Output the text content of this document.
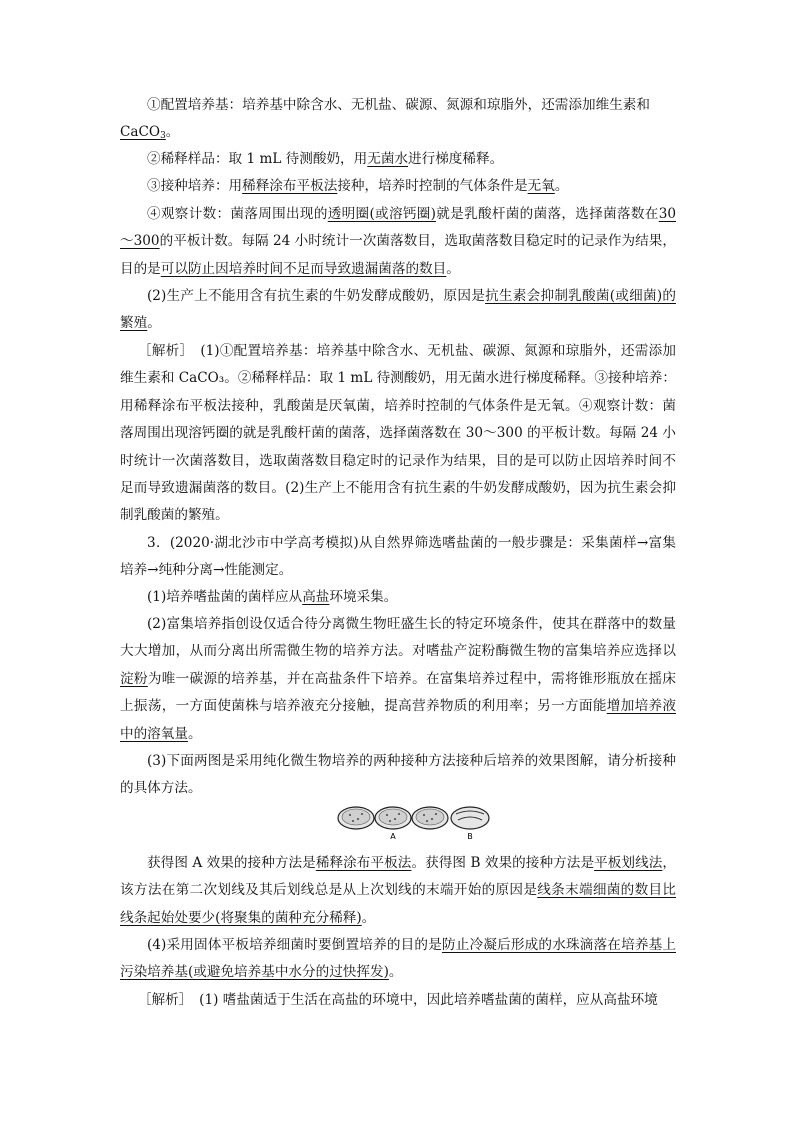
①配置培养基：培养基中除含水、无机盐、碳源、氮源和琼脂外，还需添加维生素和
CaCO$_3$。

②稀释样品：取 1 mL 待测酸奶，用无菌水进行梯度稀释。

③接种培养：用稀释涂布平板法接种，培养时控制的气体条件是无氧。

④观察计数：菌落周围出现的透明圈(或溶钙圈)就是乳酸杆菌的菌落，选择菌落数在30～300的平板计数。每隔 24 小时统计一次菌落数目，选取菌落数目稳定时的记录作为结果，目的是可以防止因培养时间不足而导致遗漏菌落的数目。

(2)生产上不能用含有抗生素的牛奶发酵成酸奶，原因是抗生素会抑制乳酸菌(或细菌)的繁殖。

［解析］　(1)①配置培养基：培养基中除含水、无机盐、碳源、氮源和琼脂外，还需添加维生素和 CaCO₃。②稀释样品：取 1 mL 待测酸奶，用无菌水进行梯度稀释。③接种培养：用稀释涂布平板法接种，乳酸菌是厌氧菌，培养时控制的气体条件是无氧。④观察计数：菌落周围出现溶钙圈的就是乳酸杆菌的菌落，选择菌落数在 30～300 的平板计数。每隔 24 小时统计一次菌落数目，选取菌落数目稳定时的记录作为结果，目的是可以防止因培养时间不足而导致遗漏菌落的数目。(2)生产上不能用含有抗生素的牛奶发酵成酸奶，因为抗生素会抑制乳酸菌的繁殖。

3．(2020·湖北沙市中学高考模拟)从自然界筛选嗜盐菌的一般步骤是：采集菌样→富集培养→纯种分离→性能测定。

(1)培养嗜盐菌的菌样应从高盐环境采集。

(2)富集培养指创设仅适合待分离微生物旺盛生长的特定环境条件，使其在群落中的数量大大增加，从而分离出所需微生物的培养方法。对嗜盐产淀粉酶微生物的富集培养应选择以淀粉为唯一碳源的培养基，并在高盐条件下培养。在富集培养过程中，需将锥形瓶放在摇床上振荡，一方面使菌株与培养液充分接触，提高营养物质的利用率；另一方面能增加培养液中的溶氧量。

(3)下面两图是采用纯化微生物培养的两种接种方法接种后培养的效果图解，请分析接种的具体方法。

A	B

获得图 A 效果的接种方法是稀释涂布平板法。获得图 B 效果的接种方法是平板划线法，该方法在第二次划线及其后划线总是从上次划线的末端开始的原因是线条末端细菌的数目比线条起始处要少(将聚集的菌种充分稀释)。

(4)采用固体平板培养细菌时要倒置培养的目的是防止冷凝后形成的水珠滴落在培养基上污染培养基(或避免培养基中水分的过快挥发)。

［解析］　(1) 嗜盐菌适于生活在高盐的环境中，因此培养嗜盐菌的菌样，应从高盐环境
